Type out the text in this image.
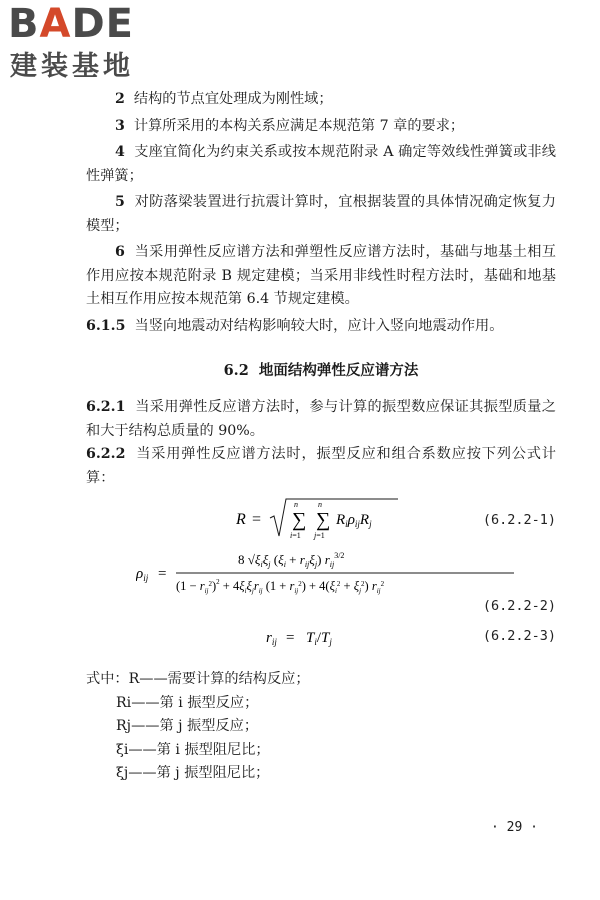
BADE
建装基地

2 结构的节点宜处理成为刚性域；

3 计算所采用的本构关系应满足本规范第 7 章的要求；

4 支座宜简化为约束关系或按本规范附录 A 确定等效线性弹簧或非线性弹簧；

5 对防落梁装置进行抗震计算时，宜根据装置的具体情况确定恢复力模型；

6 当采用弹性反应谱方法和弹塑性反应谱方法时，基础与地基土相互作用应按本规范附录 B 规定建模；当采用非线性时程方法时，基础和地基土相互作用应按本规范第 6.4 节规定建模。

6.1.5 当竖向地震动对结构影响较大时，应计入竖向地震动作用。

6.2 地面结构弹性反应谱方法

6.2.1 当采用弹性反应谱方法时，参与计算的振型数应保证其振型质量之和大于结构总质量的 90%。

6.2.2 当采用弹性反应谱方法时，振型反应和组合系数应按下列公式计算：

R = ∑
n
i=1
∑
n
j=1
$R_i\rho_{ij}R_j$	(6.2.2-1)
$\rho_{ij}$ =
8 $√\xi_i\xi_j$ $(\xi_i + r_{ij}\xi_j)$ $r_{ij}^{3/2}$
$(1 - r_{ij}^2)^2 + 4\xi_i\xi_jr_{ij}$ $(1 + r_{ij}^2) + 4(\xi_i^2 + \xi_j^2)$ $r_{ij}^2$
(6.2.2-2)
$r_{ij} = T_i/T_j$	(6.2.2-3)

式中：R——需要计算的结构反应；

Ri——第 i 振型反应；

Rj——第 j 振型反应；

ξi——第 i 振型阻尼比；

ξj——第 j 振型阻尼比；

· 29 ·
